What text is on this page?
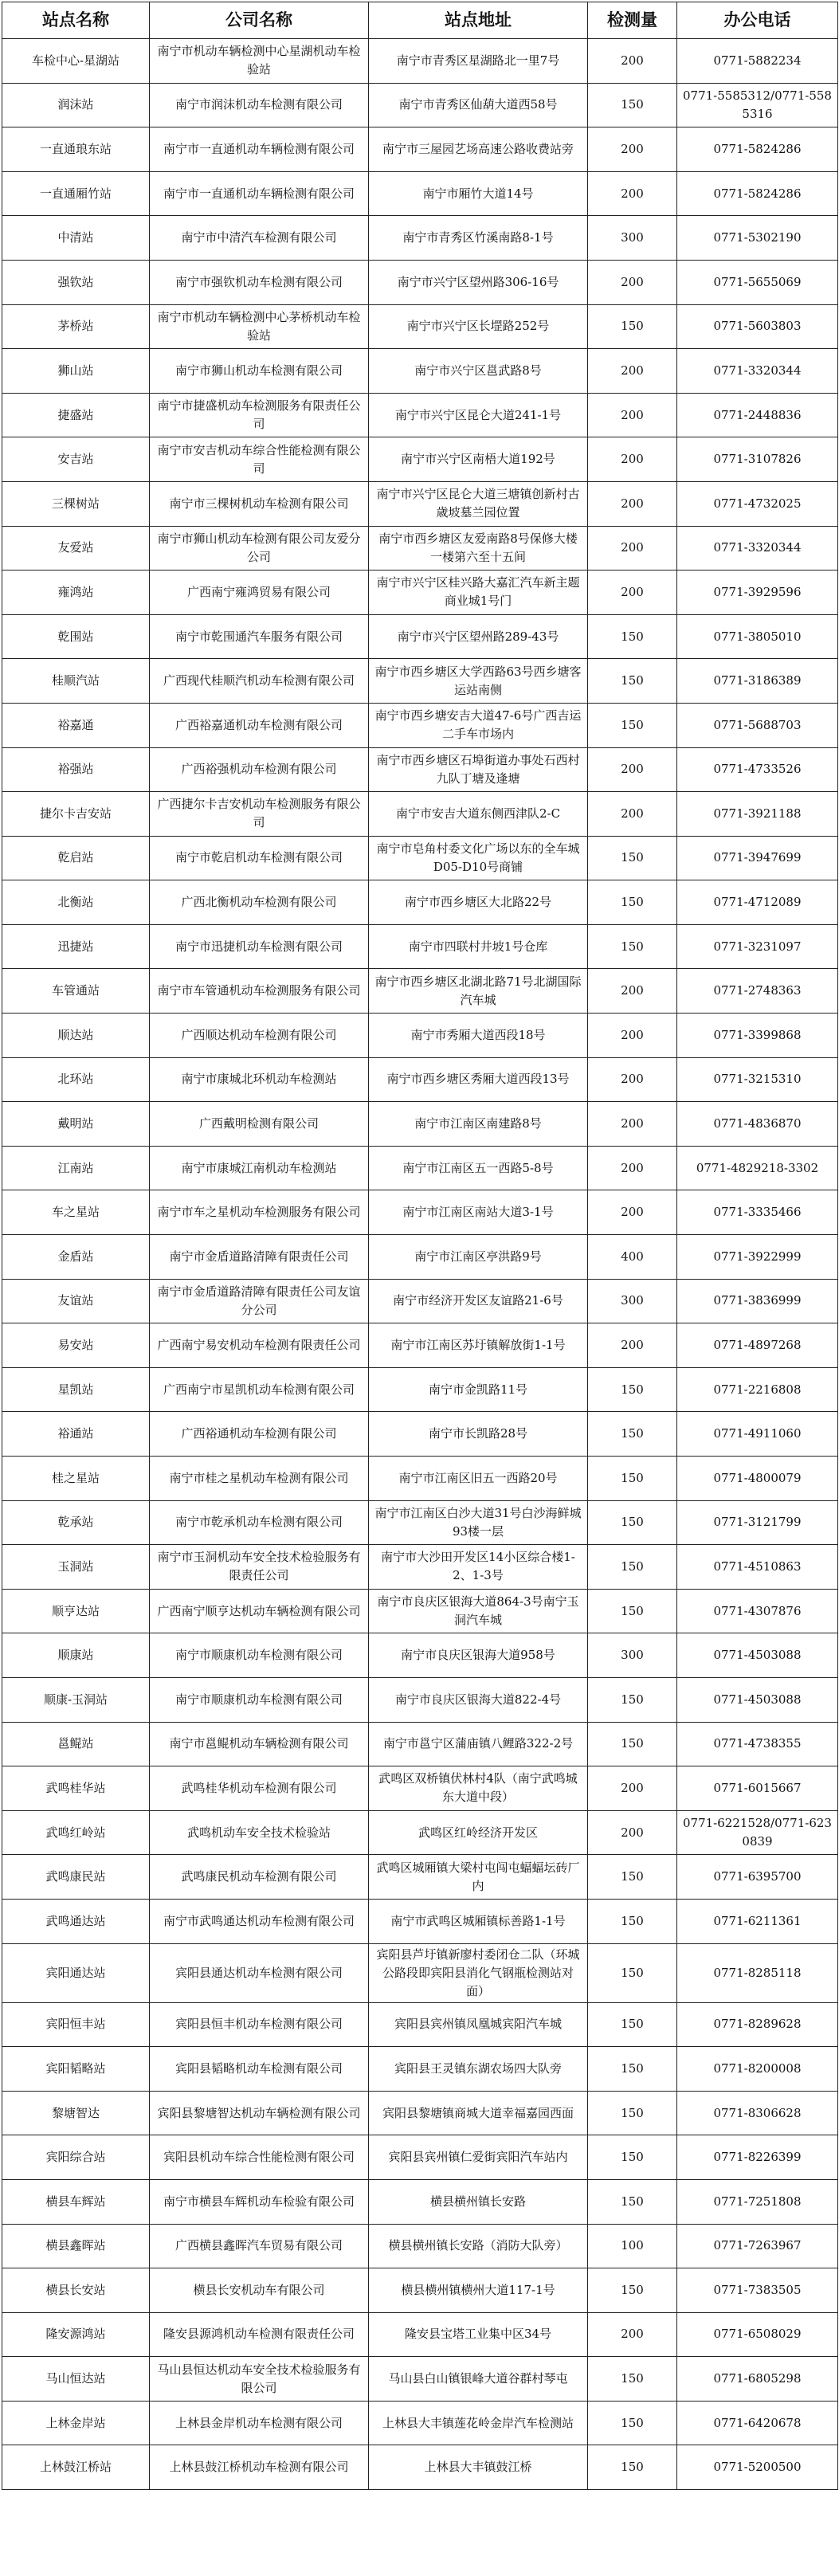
站点名称	公司名称	站点地址	检测量	办公电话
车检中心-星湖站	南宁市机动车辆检测中心星湖机动车检验站	南宁市青秀区星湖路北一里7号	200	0771-5882234
润沫站	南宁市润沫机动车检测有限公司	南宁市青秀区仙葫大道西58号	150	0771-5585312/0771-5585316
一直通琅东站	南宁市一直通机动车辆检测有限公司	南宁市三屋园艺场高速公路收费站旁	200	0771-5824286
一直通厢竹站	南宁市一直通机动车辆检测有限公司	南宁市厢竹大道14号	200	0771-5824286
中清站	南宁市中清汽车检测有限公司	南宁市青秀区竹溪南路8-1号	300	0771-5302190
强钦站	南宁市强钦机动车检测有限公司	南宁市兴宁区望州路306-16号	200	0771-5655069
茅桥站	南宁市机动车辆检测中心茅桥机动车检验站	南宁市兴宁区长堽路252号	150	0771-5603803
狮山站	南宁市狮山机动车检测有限公司	南宁市兴宁区邕武路8号	200	0771-3320344
捷盛站	南宁市捷盛机动车检测服务有限责任公司	南宁市兴宁区昆仑大道241-1号	200	0771-2448836
安吉站	南宁市安吉机动车综合性能检测有限公司	南宁市兴宁区南梧大道192号	200	0771-3107826
三棵树站	南宁市三棵树机动车检测有限公司	南宁市兴宁区昆仑大道三塘镇创新村古歳坡墓兰园位置	200	0771-4732025
友爱站	南宁市狮山机动车检测有限公司友爱分公司	南宁市西乡塘区友爱南路8号保修大楼一楼第六至十五间	200	0771-3320344
雍鸿站	广西南宁雍鸿贸易有限公司	南宁市兴宁区桂兴路大嘉汇汽车新主题商业城1号门	200	0771-3929596
乾围站	南宁市乾围通汽车服务有限公司	南宁市兴宁区望州路289-43号	150	0771-3805010
桂顺汽站	广西现代桂顺汽机动车检测有限公司	南宁市西乡塘区大学西路63号西乡塘客运站南侧	150	0771-3186389
裕嘉通	广西裕嘉通机动车检测有限公司	南宁市西乡塘安吉大道47-6号广西吉运二手车市场内	150	0771-5688703
裕强站	广西裕强机动车检测有限公司	南宁市西乡塘区石埠街道办事处石西村九队丁塘及逢塘	200	0771-4733526
捷尔卡吉安站	广西捷尔卡吉安机动车检测服务有限公司	南宁市安吉大道东侧西津队2-C	200	0771-3921188
乾启站	南宁市乾启机动车检测有限公司	南宁市皂角村委文化广场以东的全车城D05-D10号商铺	150	0771-3947699
北衡站	广西北衡机动车检测有限公司	南宁市西乡塘区大北路22号	150	0771-4712089
迅捷站	南宁市迅捷机动车检测有限公司	南宁市四联村井坡1号仓库	150	0771-3231097
车管通站	南宁市车管通机动车检测服务有限公司	南宁市西乡塘区北湖北路71号北湖国际汽车城	200	0771-2748363
顺达站	广西顺达机动车检测有限公司	南宁市秀厢大道西段18号	200	0771-3399868
北环站	南宁市康城北环机动车检测站	南宁市西乡塘区秀厢大道西段13号	200	0771-3215310
戴明站	广西戴明检测有限公司	南宁市江南区南建路8号	200	0771-4836870
江南站	南宁市康城江南机动车检测站	南宁市江南区五一西路5-8号	200	0771-4829218-3302
车之星站	南宁市车之星机动车检测服务有限公司	南宁市江南区南站大道3-1号	200	0771-3335466
金盾站	南宁市金盾道路清障有限责任公司	南宁市江南区亭洪路9号	400	0771-3922999
友谊站	南宁市金盾道路清障有限责任公司友谊分公司	南宁市经济开发区友谊路21-6号	300	0771-3836999
易安站	广西南宁易安机动车检测有限责任公司	南宁市江南区苏圩镇解放街1-1号	200	0771-4897268
星凯站	广西南宁市星凯机动车检测有限公司	南宁市金凯路11号	150	0771-2216808
裕通站	广西裕通机动车检测有限公司	南宁市长凯路28号	150	0771-4911060
桂之星站	南宁市桂之星机动车检测有限公司	南宁市江南区旧五一西路20号	150	0771-4800079
乾承站	南宁市乾承机动车检测有限公司	南宁市江南区白沙大道31号白沙海鲜城93楼一层	150	0771-3121799
玉洞站	南宁市玉洞机动车安全技术检验服务有限责任公司	南宁市大沙田开发区14小区综合楼1-2、1-3号	150	0771-4510863
顺亨达站	广西南宁顺亨达机动车辆检测有限公司	南宁市良庆区银海大道864-3号南宁玉洞汽车城	150	0771-4307876
顺康站	南宁市顺康机动车检测有限公司	南宁市良庆区银海大道958号	300	0771-4503088
顺康-玉洞站	南宁市顺康机动车检测有限公司	南宁市良庆区银海大道822-4号	150	0771-4503088
邕鲲站	南宁市邕鲲机动车辆检测有限公司	南宁市邕宁区蒲庙镇八鲤路322-2号	150	0771-4738355
武鸣桂华站	武鸣桂华机动车检测有限公司	武鸣区双桥镇伏林村4队（南宁武鸣城东大道中段）	200	0771-6015667
武鸣红岭站	武鸣机动车安全技术检验站	武鸣区红岭经济开发区	200	0771-6221528/0771-6230839
武鸣康民站	武鸣康民机动车检测有限公司	武鸣区城厢镇大梁村屯闯屯蝠蝠坛砖厂内	150	0771-6395700
武鸣通达站	南宁市武鸣通达机动车检测有限公司	南宁市武鸣区城厢镇标善路1-1号	150	0771-6211361
宾阳通达站	宾阳县通达机动车检测有限公司	宾阳县芦圩镇新廖村委闭仓二队（环城公路段即宾阳县消化气钢瓶检测站对面）	150	0771-8285118
宾阳恒丰站	宾阳县恒丰机动车检测有限公司	宾阳县宾州镇凤凰城宾阳汽车城	150	0771-8289628
宾阳韬略站	宾阳县韬略机动车检测有限公司	宾阳县王灵镇东湖农场四大队旁	150	0771-8200008
黎塘智达	宾阳县黎塘智达机动车辆检测有限公司	宾阳县黎塘镇商城大道幸福嘉园西面	150	0771-8306628
宾阳综合站	宾阳县机动车综合性能检测有限公司	宾阳县宾州镇仁爱街宾阳汽车站内	150	0771-8226399
横县车辉站	南宁市横县车辉机动车检验有限公司	横县横州镇长安路	150	0771-7251808
横县鑫晖站	广西横县鑫晖汽车贸易有限公司	横县横州镇长安路（消防大队旁）	100	0771-7263967
横县长安站	横县长安机动车有限公司	横县横州镇横州大道117-1号	150	0771-7383505
隆安源鸿站	隆安县源鸿机动车检测有限责任公司	隆安县宝塔工业集中区34号	200	0771-6508029
马山恒达站	马山县恒达机动车安全技术检验服务有限公司	马山县白山镇银峰大道谷群村琴屯	150	0771-6805298
上林金岸站	上林县金岸机动车检测有限公司	上林县大丰镇莲花岭金岸汽车检测站	150	0771-6420678
上林鼓江桥站	上林县鼓江桥机动车检测有限公司	上林县大丰镇鼓江桥	150	0771-5200500
